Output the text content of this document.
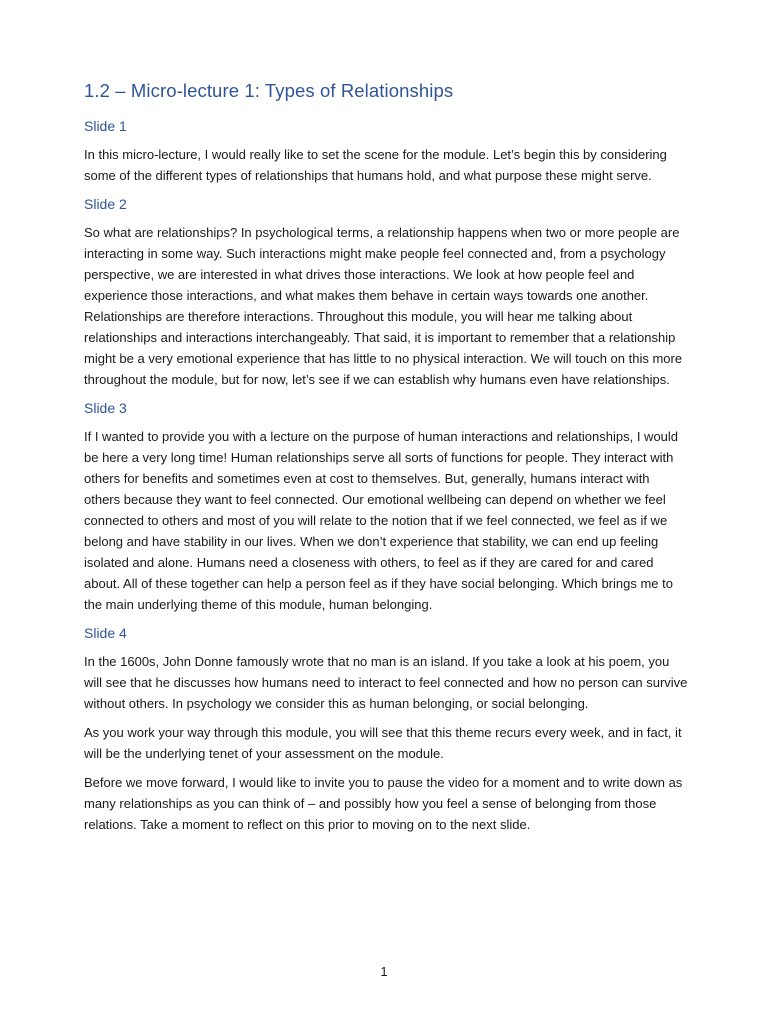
1.2 – Micro-lecture 1: Types of Relationships
Slide 1

In this micro-lecture, I would really like to set the scene for the module. Let’s begin this by considering some of the different types of relationships that humans hold, and what purpose these might serve.

Slide 2

So what are relationships? In psychological terms, a relationship happens when two or more people are interacting in some way. Such interactions might make people feel connected and, from a psychology perspective, we are interested in what drives those interactions. We look at how people feel and experience those interactions, and what makes them behave in certain ways towards one another. Relationships are therefore interactions. Throughout this module, you will hear me talking about relationships and interactions interchangeably. That said, it is important to remember that a relationship might be a very emotional experience that has little to no physical interaction. We will touch on this more throughout the module, but for now, let’s see if we can establish why humans even have relationships.

Slide 3

If I wanted to provide you with a lecture on the purpose of human interactions and relationships, I would be here a very long time! Human relationships serve all sorts of functions for people. They interact with others for benefits and sometimes even at cost to themselves. But, generally, humans interact with others because they want to feel connected. Our emotional wellbeing can depend on whether we feel connected to others and most of you will relate to the notion that if we feel connected, we feel as if we belong and have stability in our lives. When we don’t experience that stability, we can end up feeling isolated and alone. Humans need a closeness with others, to feel as if they are cared for and cared about. All of these together can help a person feel as if they have social belonging. Which brings me to the main underlying theme of this module, human belonging.

Slide 4

In the 1600s, John Donne famously wrote that no man is an island. If you take a look at his poem, you will see that he discusses how humans need to interact to feel connected and how no person can survive without others. In psychology we consider this as human belonging, or social belonging.

As you work your way through this module, you will see that this theme recurs every week, and in fact, it will be the underlying tenet of your assessment on the module.

Before we move forward, I would like to invite you to pause the video for a moment and to write down as many relationships as you can think of – and possibly how you feel a sense of belonging from those relations. Take a moment to reflect on this prior to moving on to the next slide.

1
